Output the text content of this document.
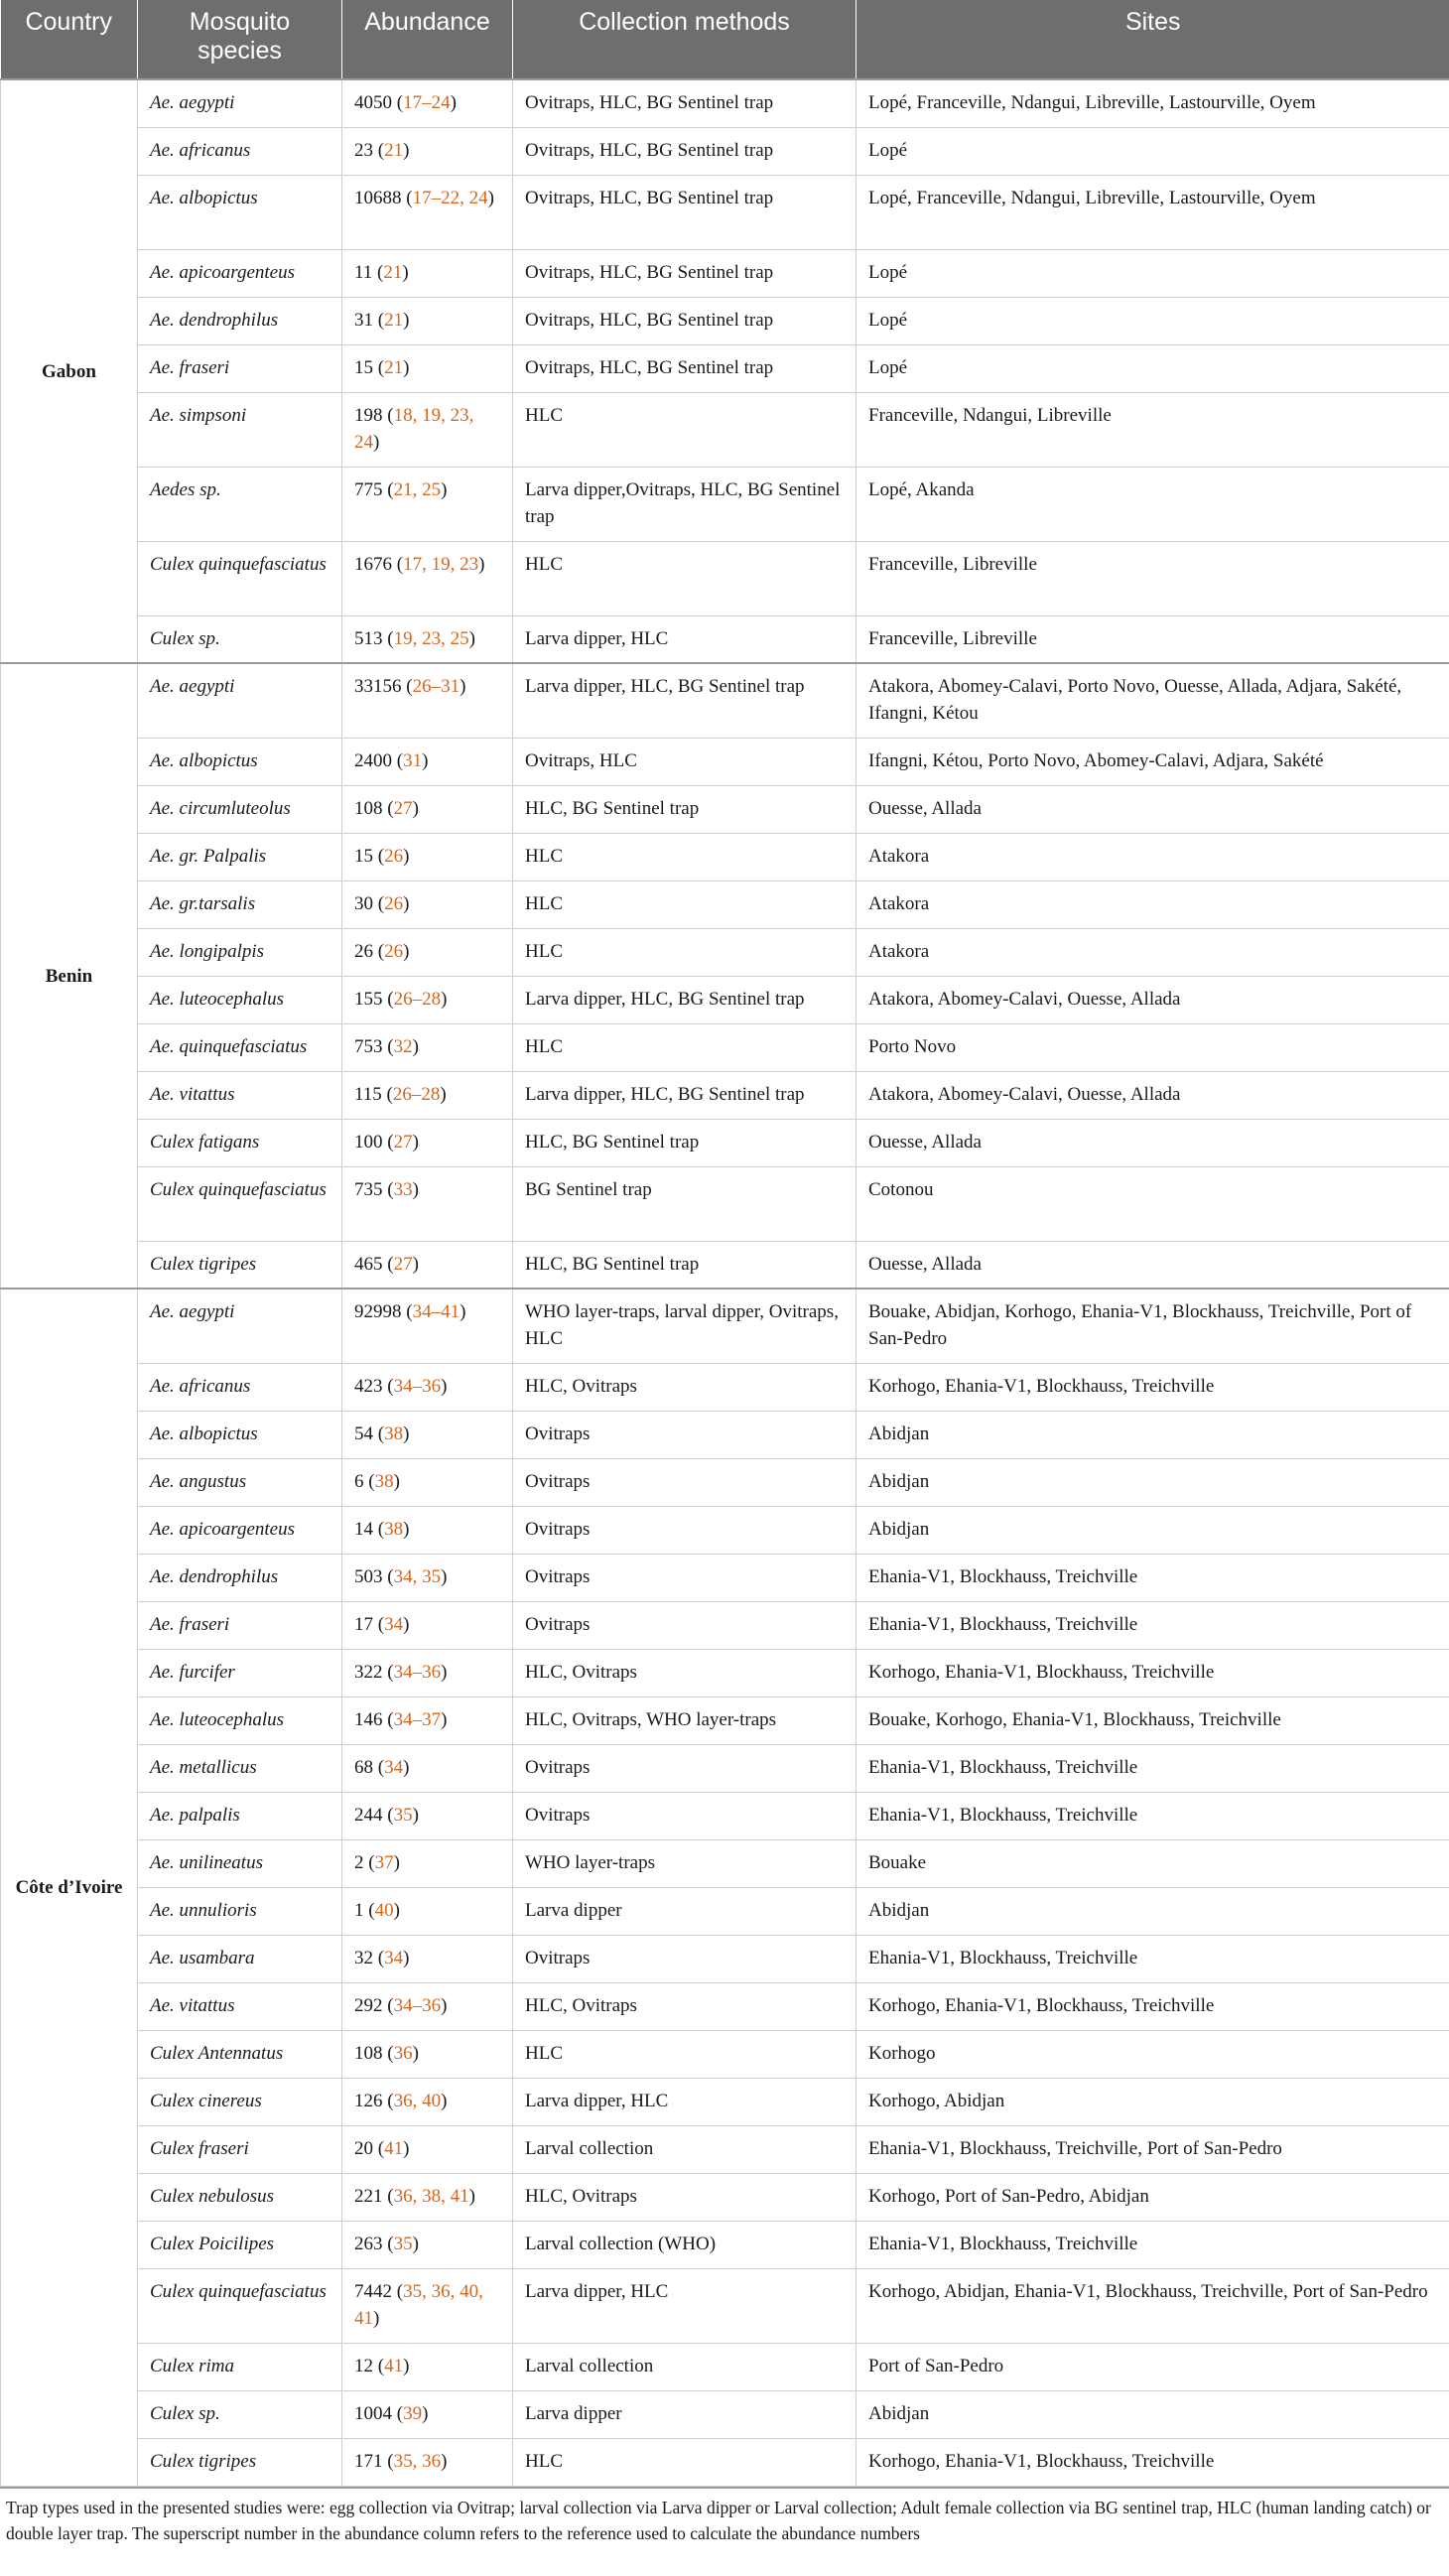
Country	Mosquito species	Abundance	Collection methods	Sites
Gabon	Ae. aegypti	4050 (17–24)	Ovitraps, HLC, BG Sentinel trap	Lopé, Franceville, Ndangui, Libreville, Lastourville, Oyem
	Ae. africanus	23 (21)	Ovitraps, HLC, BG Sentinel trap	Lopé
	Ae. albopictus	10688 (17–22, 24)	Ovitraps, HLC, BG Sentinel trap	Lopé, Franceville, Ndangui, Libreville, Lastourville, Oyem
	Ae. apicoargenteus	11 (21)	Ovitraps, HLC, BG Sentinel trap	Lopé
	Ae. dendrophilus	31 (21)	Ovitraps, HLC, BG Sentinel trap	Lopé
	Ae. fraseri	15 (21)	Ovitraps, HLC, BG Sentinel trap	Lopé
	Ae. simpsoni	198 (18, 19, 23, 24)	HLC	Franceville, Ndangui, Libreville
	Aedes sp.	775 (21, 25)	Larva dipper,Ovitraps, HLC, BG Sentinel trap	Lopé, Akanda
	Culex quinquefasciatus	1676 (17, 19, 23)	HLC	Franceville, Libreville
	Culex sp.	513 (19, 23, 25)	Larva dipper, HLC	Franceville, Libreville
Benin	Ae. aegypti	33156 (26–31)	Larva dipper, HLC, BG Sentinel trap	Atakora, Abomey-Calavi, Porto Novo, Ouesse, Allada, Adjara, Sakété, Ifangni, Kétou
	Ae. albopictus	2400 (31)	Ovitraps, HLC	Ifangni, Kétou, Porto Novo, Abomey-Calavi, Adjara, Sakété
	Ae. circumluteolus	108 (27)	HLC, BG Sentinel trap	Ouesse, Allada
	Ae. gr. Palpalis	15 (26)	HLC	Atakora
	Ae. gr.tarsalis	30 (26)	HLC	Atakora
	Ae. longipalpis	26 (26)	HLC	Atakora
	Ae. luteocephalus	155 (26–28)	Larva dipper, HLC, BG Sentinel trap	Atakora, Abomey-Calavi, Ouesse, Allada
	Ae. quinquefasciatus	753 (32)	HLC	Porto Novo
	Ae. vitattus	115 (26–28)	Larva dipper, HLC, BG Sentinel trap	Atakora, Abomey-Calavi, Ouesse, Allada
	Culex fatigans	100 (27)	HLC, BG Sentinel trap	Ouesse, Allada
	Culex quinquefasciatus	735 (33)	BG Sentinel trap	Cotonou
	Culex tigripes	465 (27)	HLC, BG Sentinel trap	Ouesse, Allada
Côte d’Ivoire	Ae. aegypti	92998 (34–41)	WHO layer-traps, larval dipper, Ovitraps, HLC	Bouake, Abidjan, Korhogo, Ehania-V1, Blockhauss, Treichville, Port of San-Pedro
	Ae. africanus	423 (34–36)	HLC, Ovitraps	Korhogo, Ehania-V1, Blockhauss, Treichville
	Ae. albopictus	54 (38)	Ovitraps	Abidjan
	Ae. angustus	6 (38)	Ovitraps	Abidjan
	Ae. apicoargenteus	14 (38)	Ovitraps	Abidjan
	Ae. dendrophilus	503 (34, 35)	Ovitraps	Ehania-V1, Blockhauss, Treichville
	Ae. fraseri	17 (34)	Ovitraps	Ehania-V1, Blockhauss, Treichville
	Ae. furcifer	322 (34–36)	HLC, Ovitraps	Korhogo, Ehania-V1, Blockhauss, Treichville
	Ae. luteocephalus	146 (34–37)	HLC, Ovitraps, WHO layer-traps	Bouake, Korhogo, Ehania-V1, Blockhauss, Treichville
	Ae. metallicus	68 (34)	Ovitraps	Ehania-V1, Blockhauss, Treichville
	Ae. palpalis	244 (35)	Ovitraps	Ehania-V1, Blockhauss, Treichville
	Ae. unilineatus	2 (37)	WHO layer-traps	Bouake
	Ae. unnulioris	1 (40)	Larva dipper	Abidjan
	Ae. usambara	32 (34)	Ovitraps	Ehania-V1, Blockhauss, Treichville
	Ae. vitattus	292 (34–36)	HLC, Ovitraps	Korhogo, Ehania-V1, Blockhauss, Treichville
	Culex Antennatus	108 (36)	HLC	Korhogo
	Culex cinereus	126 (36, 40)	Larva dipper, HLC	Korhogo, Abidjan
	Culex fraseri	20 (41)	Larval collection	Ehania-V1, Blockhauss, Treichville, Port of San-Pedro
	Culex nebulosus	221 (36, 38, 41)	HLC, Ovitraps	Korhogo, Port of San-Pedro, Abidjan
	Culex Poicilipes	263 (35)	Larval collection (WHO)	Ehania-V1, Blockhauss, Treichville
	Culex quinquefasciatus	7442 (35, 36, 40, 41)	Larva dipper, HLC	Korhogo, Abidjan, Ehania-V1, Blockhauss, Treichville, Port of San-Pedro
	Culex rima	12 (41)	Larval collection	Port of San-Pedro
	Culex sp.	1004 (39)	Larva dipper	Abidjan
	Culex tigripes	171 (35, 36)	HLC	Korhogo, Ehania-V1, Blockhauss, Treichville
Trap types used in the presented studies were: egg collection via Ovitrap; larval collection via Larva dipper or Larval collection; Adult female collection via BG sentinel trap, HLC (human landing catch) or double layer trap. The superscript number in the abundance column refers to the reference used to calculate the abundance numbers
